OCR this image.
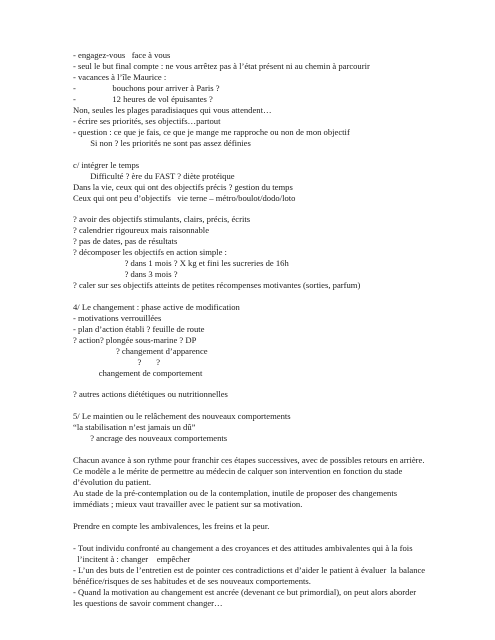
- engagez-vous   face à vous

- seul le but final compte : ne vous arrêtez pas à l’état présent ni au chemin à parcourir

- vacances à l’île Maurice :

-                 bouchons pour arriver à Paris ?

-                 12 heures de vol épuisantes ?

Non, seules les plages paradisiaques qui vous attendent…

- écrire ses priorités, ses objectifs…partout

- question : ce que je fais, ce que je mange me rapproche ou non de mon objectif

Si non ? les priorités ne sont pas assez définies

c/ intégrer le temps

Difficulté ? ère du FAST ? diète protéique

Dans la vie, ceux qui ont des objectifs précis ? gestion du temps

Ceux qui ont peu d’objectifs   vie terne – métro/boulot/dodo/loto

? avoir des objectifs stimulants, clairs, précis, écrits

? calendrier rigoureux mais raisonnable

? pas de dates, pas de résultats

? décomposer les objectifs en action simple :

? dans 1 mois ? X kg et fini les sucreries de 16h

? dans 3 mois ?

? caler sur ses objectifs atteints de petites récompenses motivantes (sorties, parfum)

4/ Le changement : phase active de modification

- motivations verrouillées

- plan d’action établi ? feuille de route

? action? plongée sous-marine ? DP

? changement d’apparence

?       ?

changement de comportement

? autres actions diététiques ou nutritionnelles

5/ Le maintien ou le relâchement des nouveaux comportements

“la stabilisation n’est jamais un dû”

? ancrage des nouveaux comportements

Chacun avance à son rythme pour franchir ces étapes successives, avec de possibles retours en arrière.

Ce modèle a le mérite de permettre au médecin de calquer son intervention en fonction du stade

d’évolution du patient.

Au stade de la pré-contemplation ou de la contemplation, inutile de proposer des changements

immédiats ; mieux vaut travailler avec le patient sur sa motivation.

Prendre en compte les ambivalences, les freins et la peur.

- Tout individu confronté au changement a des croyances et des attitudes ambivalentes qui à la fois

l’incitent à : changer    empêcher

- L’un des buts de l’entretien est de pointer ces contradictions et d’aider le patient à évaluer  la balance

bénéfice/risques de ses habitudes et de ses nouveaux comportements.

- Quand la motivation au changement est ancrée (devenant ce but primordial), on peut alors aborder

les questions de savoir comment changer…
